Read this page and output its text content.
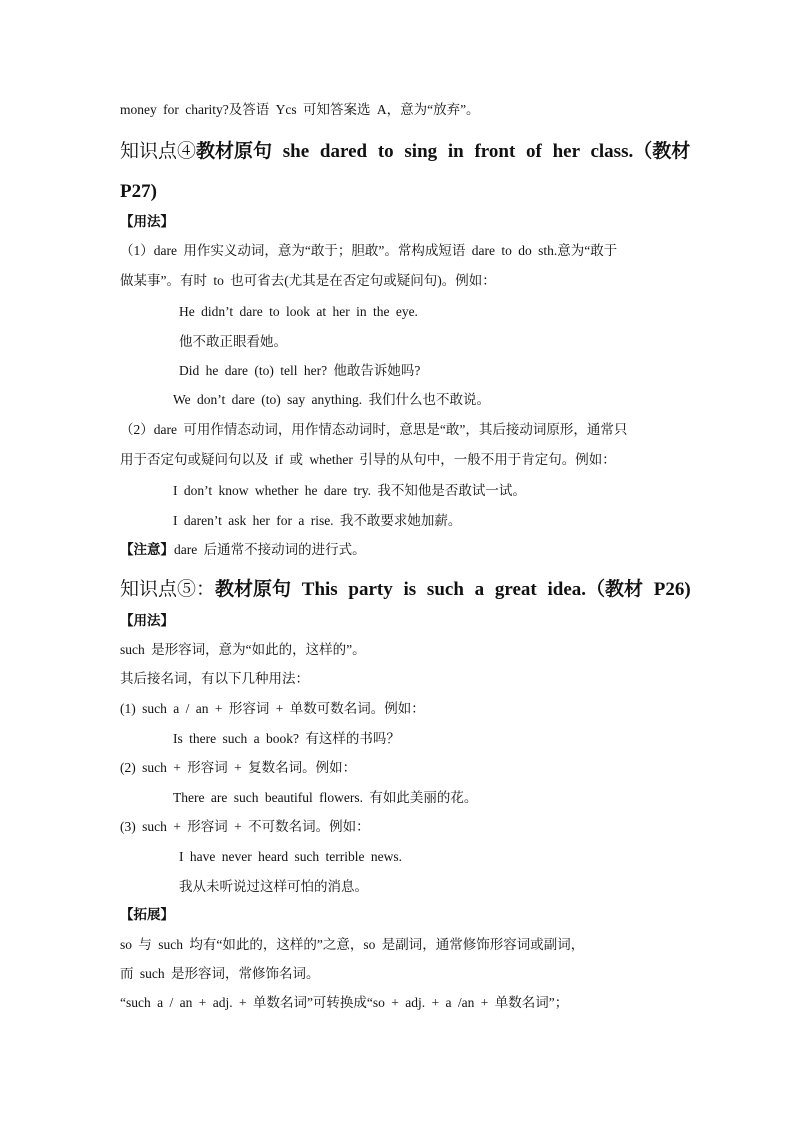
money for charity?及答语 Ycs 可知答案选 A，意为“放弃”。
知识点④教材原句 she dared to sing in front of her class.（教材
P27)
【用法】
（1）dare 用作实义动词，意为“敢于；胆敢”。常构成短语 dare to do sth.意为“敢于
做某事”。有时 to 也可省去(尤其是在否定句或疑问句)。例如：
He didn’t dare to look at her in the eye.
他不敢正眼看她。
Did he dare (to) tell her? 他敢告诉她吗?
We don’t dare (to) say anything. 我们什么也不敢说。
（2）dare 可用作情态动词，用作情态动词时，意思是“敢”，其后接动词原形，通常只
用于否定句或疑问句以及 if 或 whether 引导的从句中，一般不用于肯定句。例如：
I don’t know whether he dare try. 我不知他是否敢试一试。
I daren’t ask her for a rise. 我不敢要求她加薪。
【注意】dare 后通常不接动词的进行式。
知识点⑤：教材原句 This party is such a great idea.（教材 P26)
【用法】
such 是形容词，意为“如此的，这样的”。
其后接名词，有以下几种用法：
(1) such a / an + 形容词 + 单数可数名词。例如：
Is there such a book? 有这样的书吗？
(2) such + 形容词 + 复数名词。例如：
There are such beautiful flowers. 有如此美丽的花。
(3) such + 形容词 + 不可数名词。例如：
I have never heard such terrible news.
我从未听说过这样可怕的消息。
【拓展】
so 与 such 均有“如此的，这样的”之意，so 是副词，通常修饰形容词或副词，
而 such 是形容词，常修饰名词。
“such a / an + adj. + 单数名词”可转换成“so + adj. + a /an + 单数名词”；
